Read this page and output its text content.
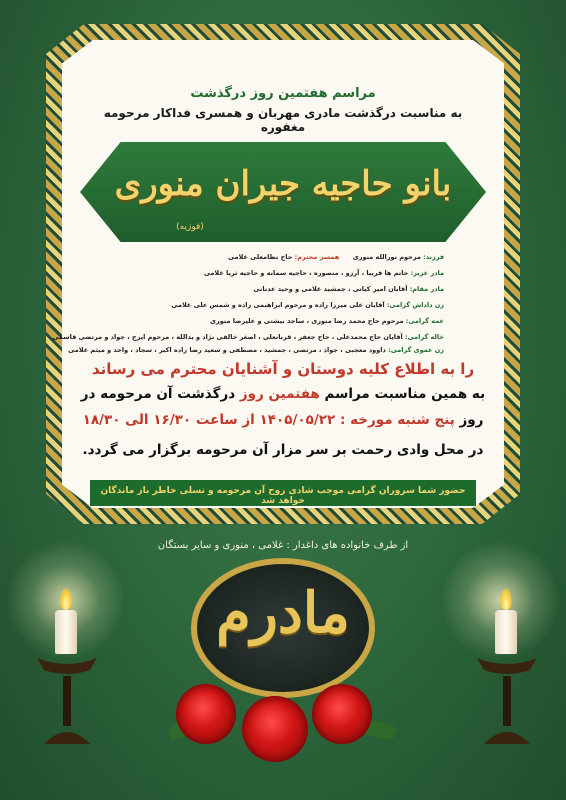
مراسم هفتمین روز درگذشت
به مناسبت درگذشت مادری مهربان و همسری فداکار مرحومه مغفوره
بانو حاجیه جیران منوری
(فوزیه)
فرزند: مرحوم نورالله منوری      همسر محترم: حاج نظامعلی غلامی
مادر عزیز: خانم ها فریبا ، آرزو ، منصوره ، حاجیه سمانه و حاجیه ثریا غلامی
مادر مقام: آقایان امیر کیانی ، جمشید غلامی و وحید عدنانی
زن داداش گرامی: آقایان علی میرزا زاده و مرحوم ابراهیمی زاده و شمس علی غلامی
عمه گرامی: مرحوم حاج محمد رضا منوری ، ساجد بیشتی و علیرضا منوری
خاله گرامی: آقایان حاج محمدعلی ، حاج جعفر ، قربانعلی ، اصغر خالقی نژاد و یدالله ، مرحوم ایرج ، جواد و مرتضی قاسمی
زن عموی گرامی: داوود معجبی ، جواد ، مرتضی ، جمشید ، مصطفی و سعید رضا زاده اکبر ، سجاد ، واحد و میثم غلامی
را به اطلاع کلیه دوستان و آشنایان محترم می رساند
به همین مناسبت مراسم هفتمین روز درگذشت آن مرحومه در
روز پنج شنبه مورخه : ۱۴۰۵/۰۵/۲۲ از ساعت ۱۶/۳۰ الی ۱۸/۳۰
در محل وادی رحمت بر سر مزار آن مرحومه برگزار می گردد.
حضور شما سروران گرامی موجب شادی روح آن مرحومه و تسلی خاطر باز ماندگان خواهد شد
از طرف خانواده های داغدار : غلامی ، منوری و سایر بستگان
مادرم
